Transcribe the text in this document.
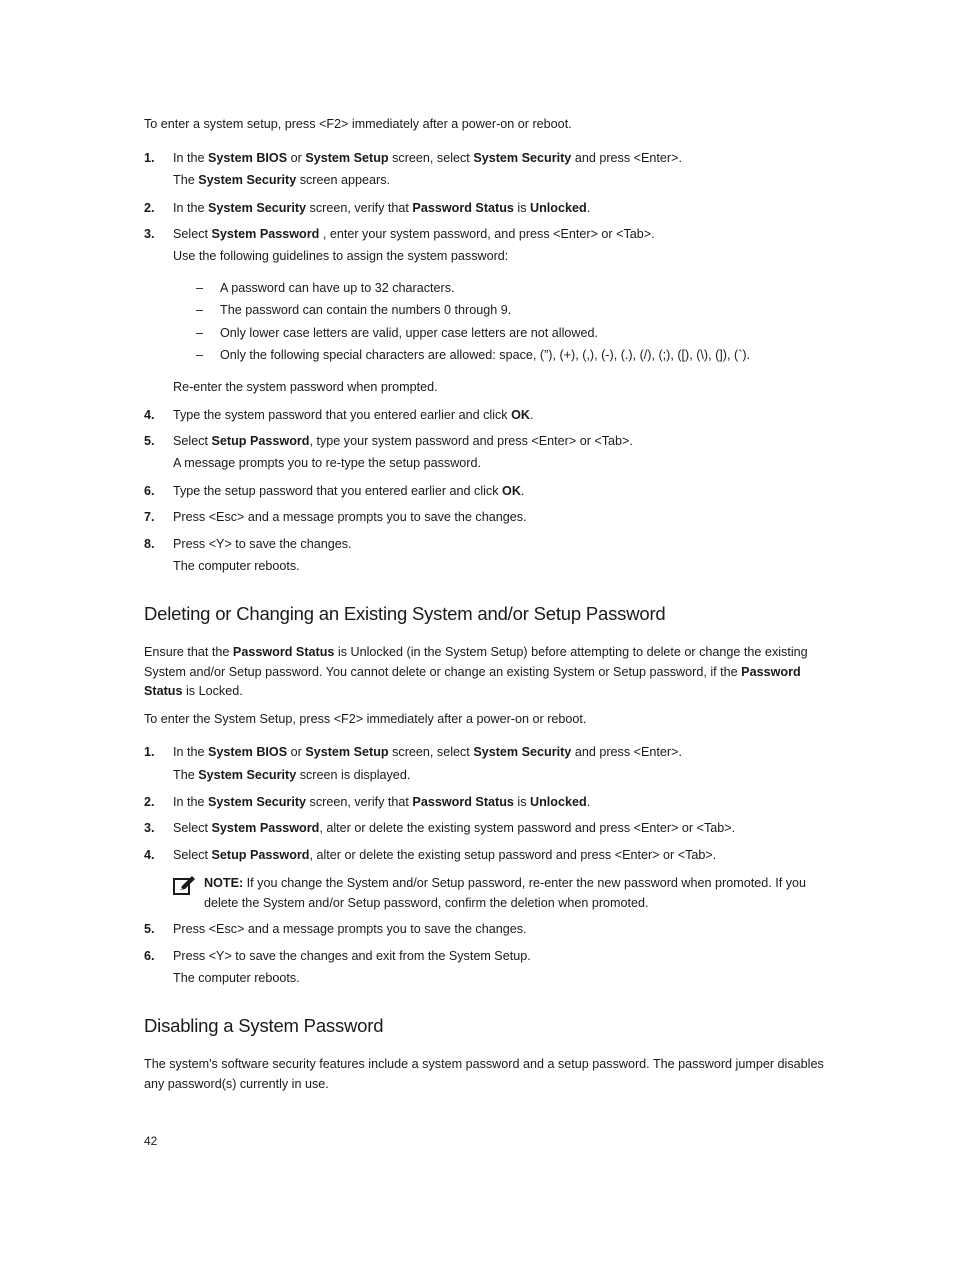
To enter a system setup, press <F2> immediately after a power-on or reboot.

1. In the System BIOS or System Setup screen, select System Security and press <Enter>.
The System Security screen appears.
2. In the System Security screen, verify that Password Status is Unlocked.
3. Select System Password , enter your system password, and press <Enter> or <Tab>.
Use the following guidelines to assign the system password:
– A password can have up to 32 characters.
– The password can contain the numbers 0 through 9.
– Only lower case letters are valid, upper case letters are not allowed.
– Only the following special characters are allowed: space, (”), (+), (,), (-), (.), (/), (;), ([), (\), (]), (`).
Re-enter the system password when prompted.
4. Type the system password that you entered earlier and click OK.
5. Select Setup Password, type your system password and press <Enter> or <Tab>.
A message prompts you to re-type the setup password.
6. Type the setup password that you entered earlier and click OK.
7. Press <Esc> and a message prompts you to save the changes.
8. Press <Y> to save the changes.
The computer reboots.
Deleting or Changing an Existing System and/or Setup Password

Ensure that the Password Status is Unlocked (in the System Setup) before attempting to delete or change the existing System and/or Setup password. You cannot delete or change an existing System or Setup password, if the Password Status is Locked.

To enter the System Setup, press <F2> immediately after a power-on or reboot.

1. In the System BIOS or System Setup screen, select System Security and press <Enter>.
The System Security screen is displayed.
2. In the System Security screen, verify that Password Status is Unlocked.
3. Select System Password, alter or delete the existing system password and press <Enter> or <Tab>.
4. Select Setup Password, alter or delete the existing setup password and press <Enter> or <Tab>.
NOTE: If you change the System and/or Setup password, re-enter the new password when promoted. If you delete the System and/or Setup password, confirm the deletion when promoted.
5. Press <Esc> and a message prompts you to save the changes.
6. Press <Y> to save the changes and exit from the System Setup.
The computer reboots.
Disabling a System Password

The system's software security features include a system password and a setup password. The password jumper disables any password(s) currently in use.

42
